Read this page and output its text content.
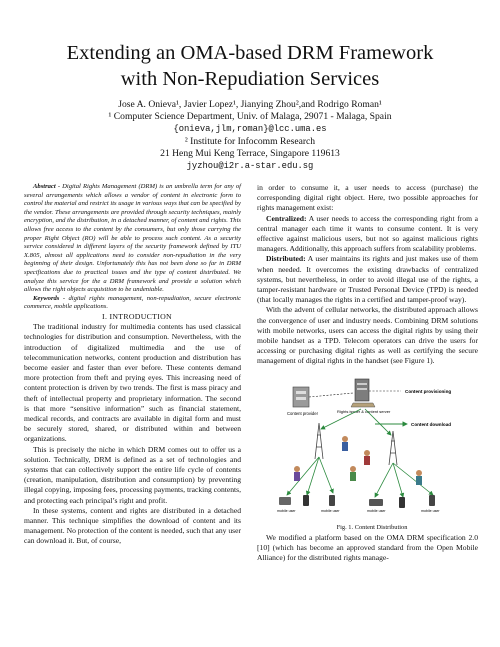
Extending an OMA-based DRM Framework
with Non-Repudiation Services
Jose A. Onieva¹, Javier Lopez¹, Jianying Zhou²,and Rodrigo Roman¹
¹ Computer Science Department, Univ. of Malaga, 29071 - Malaga, Spain
{onieva,jlm,roman}@lcc.uma.es
² Institute for Infocomm Research
21 Heng Mui Keng Terrace, Singapore 119613
jyzhou@i2r.a-star.edu.sg

Abstract - Digital Rights Management (DRM) is an umbrella term for any of several arrangements which allows a vendor of content in electronic form to control the material and restrict its usage in various ways that can be specified by the vendor. These arrangements are provided through security techniques, mainly encryption, and the distribution, in a detached manner, of content and rights. This allows free access to the content by the consumers, but only those carrying the proper Right Object (RO) will be able to process such content. As a security service considered in different layers of the security framework defined by ITU X.805, almost all applications need to consider non-repudiation in the very beginning of their design. Unfortunately this has not been done so far in DRM specifications due to practical issues and the type of content distributed. We analyze this service for the a DRM framework and provide a solution which allows the right objects acquisition to be undeniable.

Keywords - digital rights management, non-repudiation, secure electronic commerce, mobile applications.

I. INTRODUCTION

The traditional industry for multimedia contents has used classical technologies for distribution and consumption. Nevertheless, with the introduction of digitalized multimedia and the use of telecommunication networks, content production and distribution has become easier and faster than ever before. These contents demand more protection from theft and prying eyes. This increasing need of content protection is driven by two trends. The first is mass piracy and theft of intellectual property and proprietary information. The second is that more “sensitive information” such as financial statement, medical records, and contracts are available in digital form and must be securely stored, shared, or distributed within and between organizations.

This is precisely the niche in which DRM comes out to offer us a solution. Technically, DRM is defined as a set of technologies and systems that can collectively support the entire life cycle of contents (creation, manipulation, distribution and consumption) by preventing illegal copying, imposing fees, processing payments, tracking contents, and protecting each principal’s right and profit.

In these systems, content and rights are distributed in a detached manner. This technique simplifies the download of content and its management. No protection of the content is needed, such that any user can download it. But, of course,

in order to consume it, a user needs to access (purchase) the corresponding digital right object. Here, two possible approaches for rights management exist:

Centralized: A user needs to access the corresponding right from a central manager each time it wants to consume content. It is very effective against malicious users, but not so against malicious rights managers. Additionally, this approach suffers from scalability problems.

Distributed: A user maintains its rights and just makes use of them when needed. It overcomes the existing drawbacks of centralized systems, but nevertheless, in order to avoid illegal use of the rights, a tamper-resistant hardware or Trusted Personal Device (TPD) is needed (that locally manages the rights in a certified and tamper-proof way).

With the advent of cellular networks, the distributed approach allows the convergence of user and industry needs. Combining DRM solutions with mobile networks, users can access the digital rights by using their mobile handset as a TPD. Telecom operators can drive the users for accessing or purchasing digital rights as well as certifying the secure management of digital rights in the handset (see Figure 1).

Content provider	Rights issuer & content server
Content provisioning
Content download
mobile user	mobile user	mobile user	mobile user

Fig. 1. Content Distribution

We modified a platform based on the OMA DRM specification 2.0 [10] (which has become an approved standard from the Open Mobile Alliance) for the distributed rights manage-
